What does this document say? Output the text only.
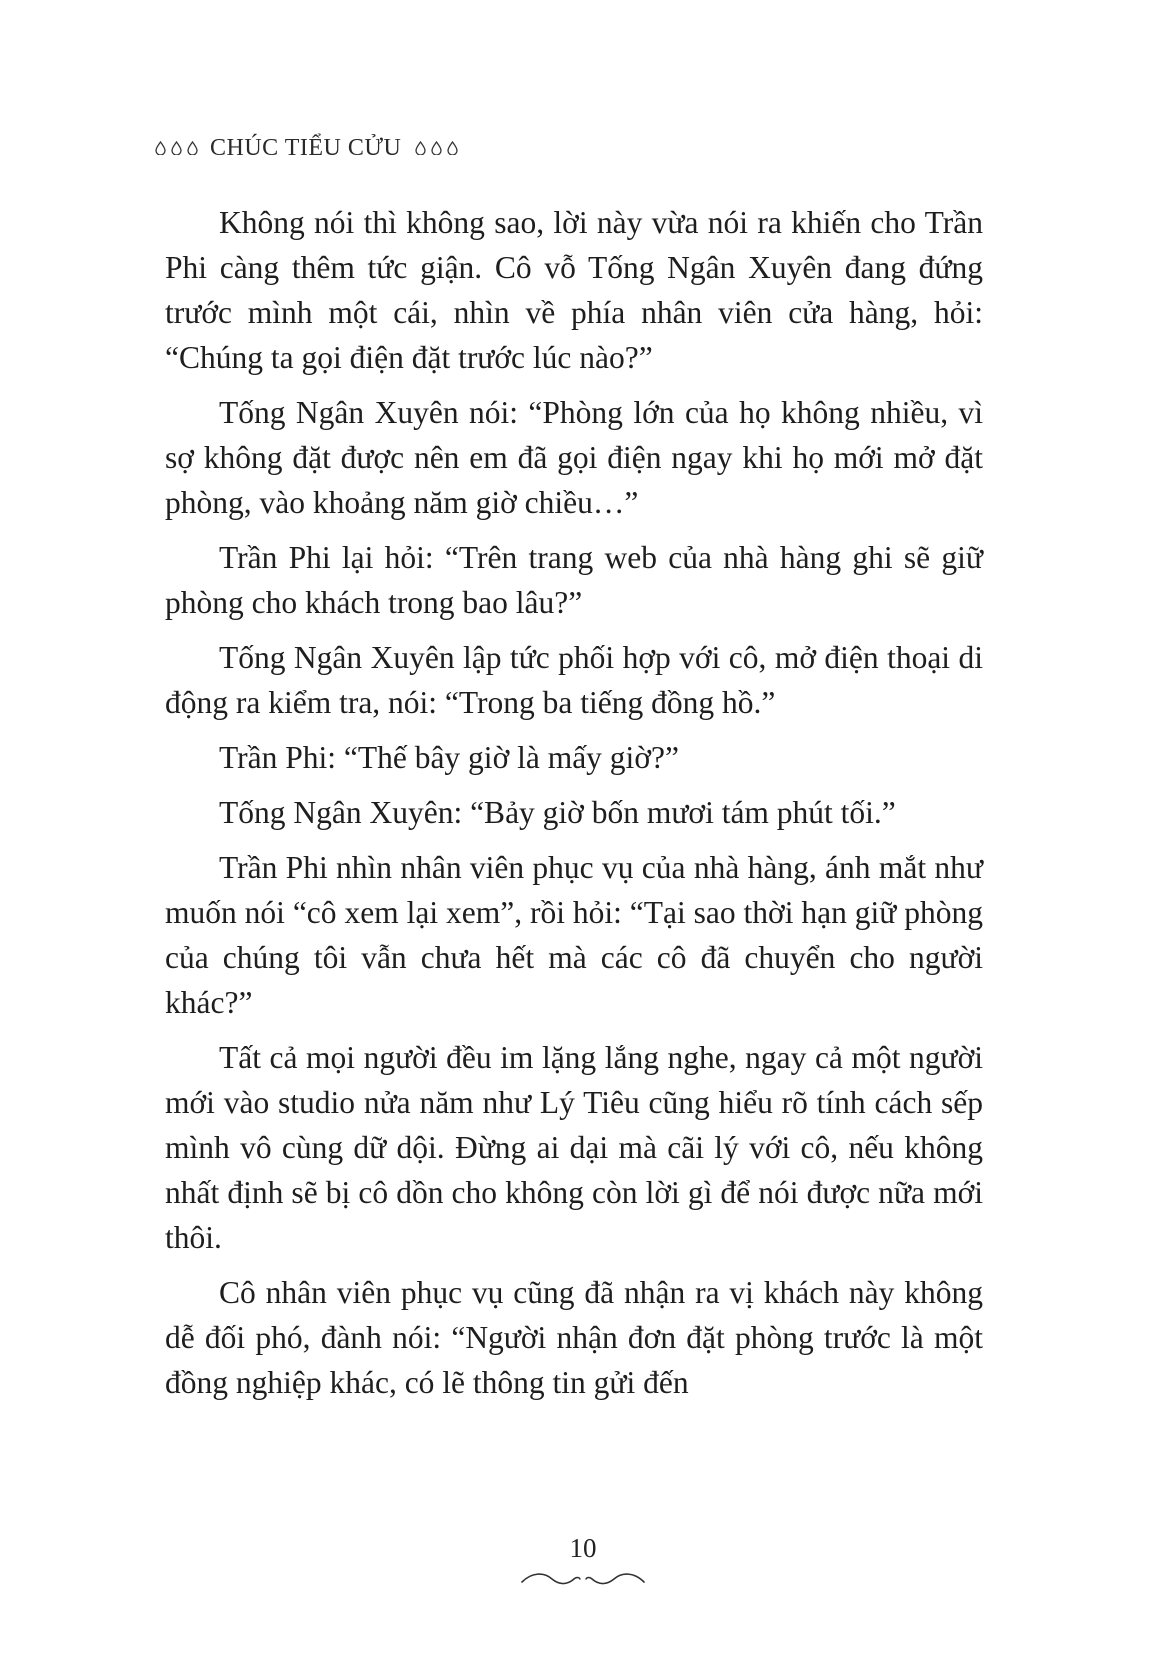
CHÚC TIỂU CỬU

Không nói thì không sao, lời này vừa nói ra khiến cho Trần Phi càng thêm tức giận. Cô vỗ Tống Ngân Xuyên đang đứng trước mình một cái, nhìn về phía nhân viên cửa hàng, hỏi: “Chúng ta gọi điện đặt trước lúc nào?”

Tống Ngân Xuyên nói: “Phòng lớn của họ không nhiều, vì sợ không đặt được nên em đã gọi điện ngay khi họ mới mở đặt phòng, vào khoảng năm giờ chiều…”

Trần Phi lại hỏi: “Trên trang web của nhà hàng ghi sẽ giữ phòng cho khách trong bao lâu?”

Tống Ngân Xuyên lập tức phối hợp với cô, mở điện thoại di động ra kiểm tra, nói: “Trong ba tiếng đồng hồ.”

Trần Phi: “Thế bây giờ là mấy giờ?”

Tống Ngân Xuyên: “Bảy giờ bốn mươi tám phút tối.”

Trần Phi nhìn nhân viên phục vụ của nhà hàng, ánh mắt như muốn nói “cô xem lại xem”, rồi hỏi: “Tại sao thời hạn giữ phòng của chúng tôi vẫn chưa hết mà các cô đã chuyển cho người khác?”

Tất cả mọi người đều im lặng lắng nghe, ngay cả một người mới vào studio nửa năm như Lý Tiêu cũng hiểu rõ tính cách sếp mình vô cùng dữ dội. Đừng ai dại mà cãi lý với cô, nếu không nhất định sẽ bị cô dồn cho không còn lời gì để nói được nữa mới thôi.

Cô nhân viên phục vụ cũng đã nhận ra vị khách này không dễ đối phó, đành nói: “Người nhận đơn đặt phòng trước là một đồng nghiệp khác, có lẽ thông tin gửi đến

10
